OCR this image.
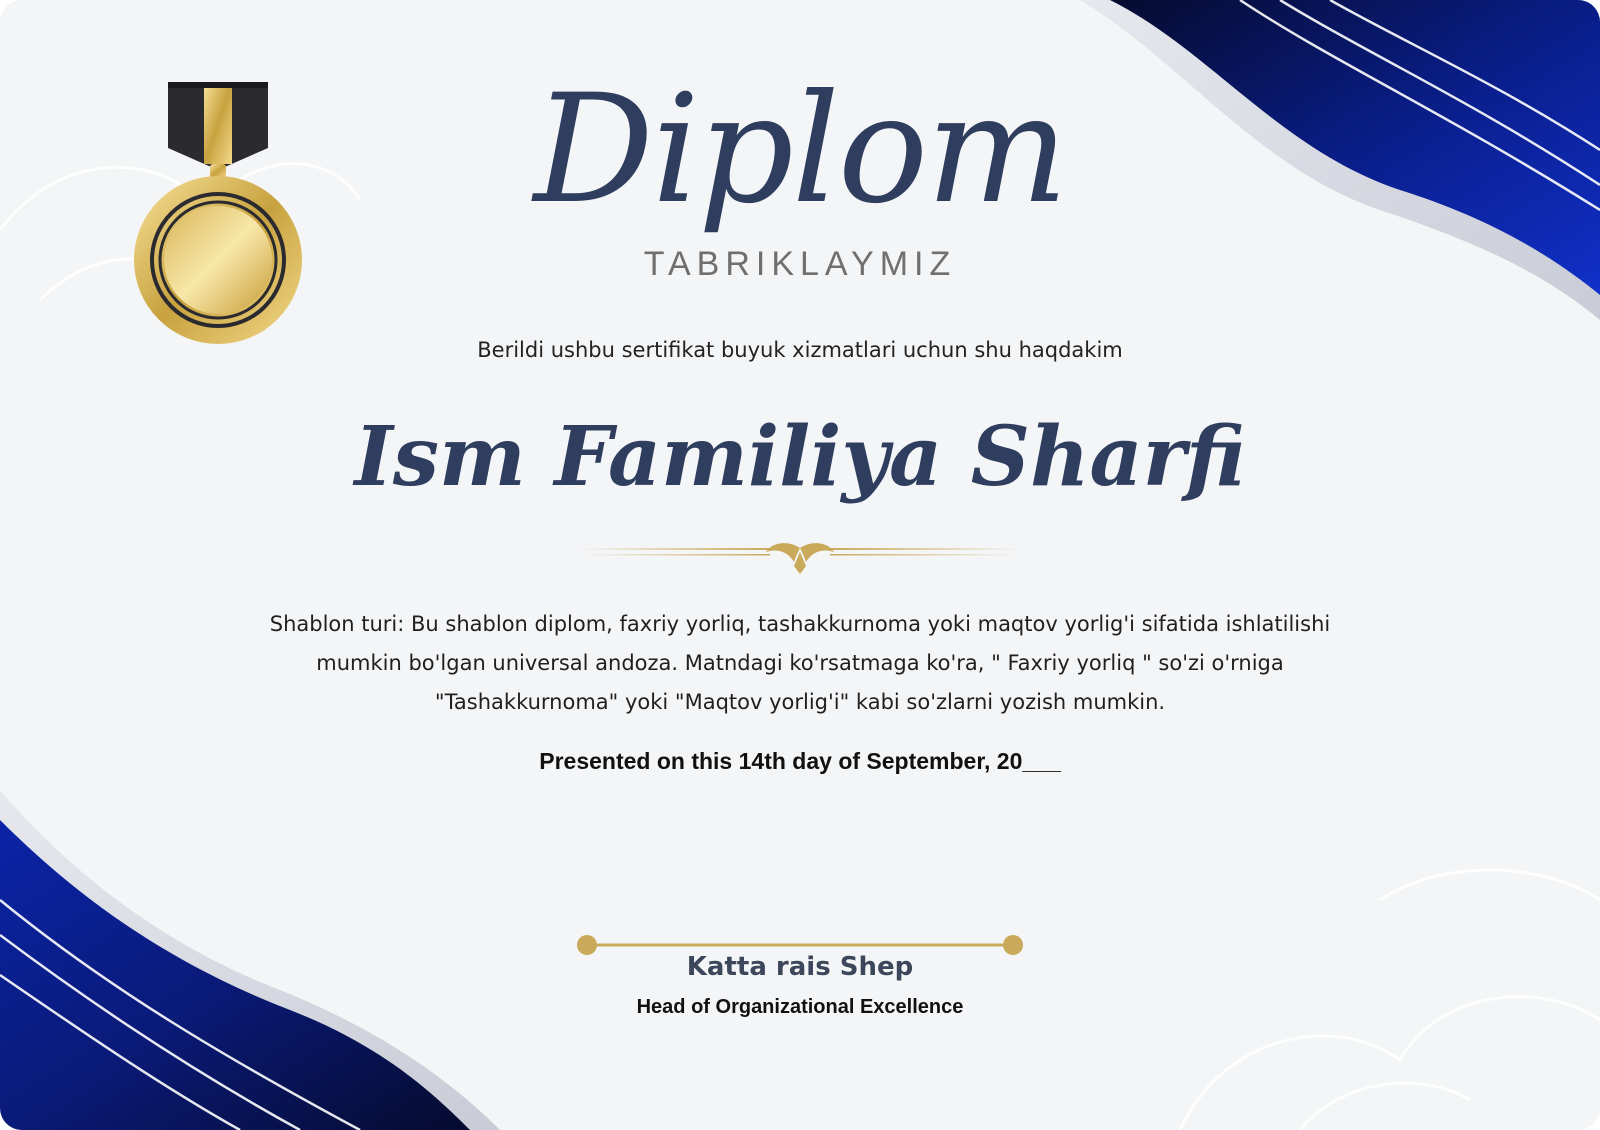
Diplom
TABRIKLAYMIZ
Berildi ushbu sertifikat buyuk xizmatlari uchun shu haqdakim
Ism Familiya Sharfi
Shablon turi: Bu shablon diplom, faxriy yorliq, tashakkurnoma yoki maqtov yorlig'i sifatida ishlatilishi mumkin bo'lgan universal andoza. Matndagi ko'rsatmaga ko'ra, " Faxriy yorliq " so'zi o'rniga "Tashakkurnoma" yoki "Maqtov yorlig'i" kabi so'zlarni yozish mumkin.
Presented on this 14th day of September, 20___
Katta rais Shep
Head of Organizational Excellence
